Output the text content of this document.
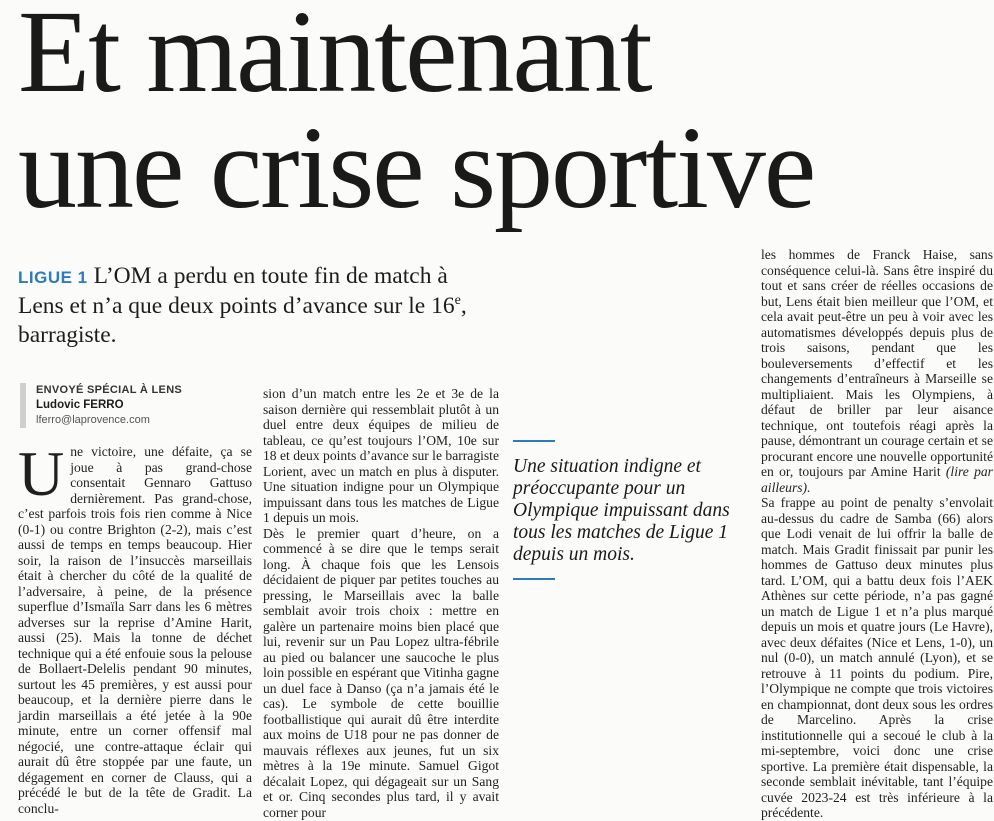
Et maintenant
une crise sportive

LIGUE 1 L’OM a perdu en toute fin de match à Lens et n’a que deux points d’avance sur le 16e, barragiste.

ENVOYÉ SPÉCIAL À LENS
Ludovic FERRO
lferro@laprovence.com

Une victoire, une défaite, ça se joue à pas grand-chose consentait Gennaro Gattuso dernièrement. Pas grand-chose, c’est parfois trois fois rien comme à Nice (0-1) ou contre Brighton (2-2), mais c’est aussi de temps en temps beaucoup. Hier soir, la raison de l’insuccès marseillais était à chercher du côté de la qualité de l’adversaire, à peine, de la présence superflue d’Ismaïla Sarr dans les 6 mètres adverses sur la reprise d’Amine Harit, aussi (25). Mais la tonne de déchet technique qui a été enfouie sous la pelouse de Bollaert-Delelis pendant 90 minutes, surtout les 45 premières, y est aussi pour beaucoup, et la dernière pierre dans le jardin marseillais a été jetée à la 90e minute, entre un corner offensif mal négocié, une contre-attaque éclair qui aurait dû être stoppée par une faute, un dégagement en corner de Clauss, qui a précédé le but de la tête de Gradit. La conclu-

sion d’un match entre les 2e et 3e de la saison dernière qui ressemblait plutôt à un duel entre deux équipes de milieu de tableau, ce qu’est toujours l’OM, 10e sur 18 et deux points d’avance sur le barragiste Lorient, avec un match en plus à disputer. Une situation indigne pour un Olympique impuissant dans tous les matches de Ligue 1 depuis un mois.

Dès le premier quart d’heure, on a commencé à se dire que le temps serait long. À chaque fois que les Lensois décidaient de piquer par petites touches au pressing, le Marseillais avec la balle semblait avoir trois choix : mettre en galère un partenaire moins bien placé que lui, revenir sur un Pau Lopez ultra-fébrile au pied ou balancer une saucoche le plus loin possible en espérant que Vitinha gagne un duel face à Danso (ça n’a jamais été le cas). Le symbole de cette bouillie footballistique qui aurait dû être interdite aux moins de U18 pour ne pas donner de mauvais réflexes aux jeunes, fut un six mètres à la 19e minute. Samuel Gigot décalait Lopez, qui dégageait sur un Sang et or. Cinq secondes plus tard, il y avait corner pour

Une situation indigne et préoccupante pour un Olympique impuissant dans tous les matches de Ligue 1 depuis un mois.

les hommes de Franck Haise, sans conséquence celui-là. Sans être inspiré du tout et sans créer de réelles occasions de but, Lens était bien meilleur que l’OM, et cela avait peut-être un peu à voir avec les automatismes développés depuis plus de trois saisons, pendant que les bouleversements d’effectif et les changements d’entraîneurs à Marseille se multipliaient. Mais les Olympiens, à défaut de briller par leur aisance technique, ont toutefois réagi après la pause, démontrant un courage certain et se procurant encore une nouvelle opportunité en or, toujours par Amine Harit (lire par ailleurs).

Sa frappe au point de penalty s’envolait au-dessus du cadre de Samba (66) alors que Lodi venait de lui offrir la balle de match. Mais Gradit finissait par punir les hommes de Gattuso deux minutes plus tard. L’OM, qui a battu deux fois l’AEK Athènes sur cette période, n’a pas gagné un match de Ligue 1 et n’a plus marqué depuis un mois et quatre jours (Le Havre), avec deux défaites (Nice et Lens, 1-0), un nul (0-0), un match annulé (Lyon), et se retrouve à 11 points du podium. Pire, l’Olympique ne compte que trois victoires en championnat, dont deux sous les ordres de Marcelino. Après la crise institutionnelle qui a secoué le club à la mi-septembre, voici donc une crise sportive. La première était dispensable, la seconde semblait inévitable, tant l’équipe cuvée 2023-24 est très inférieure à la précédente.
